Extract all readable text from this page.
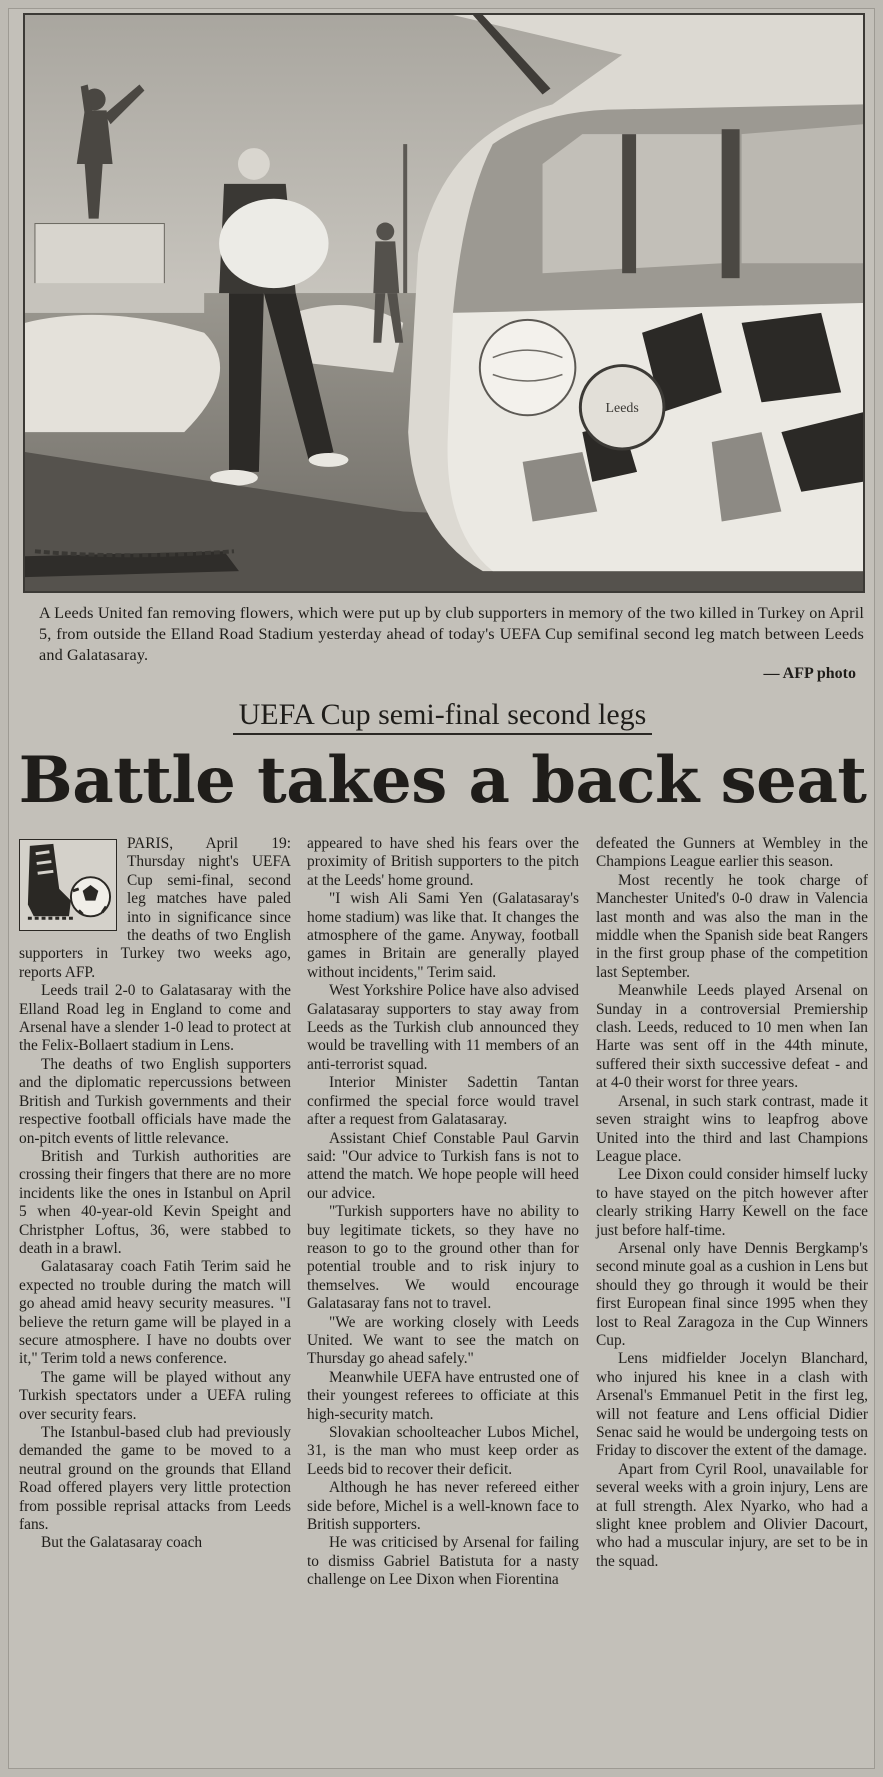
Leeds
A Leeds United fan removing flowers, which were put up by club supporters in memory of the two killed in Turkey on April 5, from outside the Elland Road Stadium yesterday ahead of today's UEFA Cup semifinal second leg match between Leeds and Galatasaray.
— AFP photo
UEFA Cup semi-final second legs
Battle takes a back seat

PARIS, April 19: Thursday night's UEFA Cup semi-final, second leg matches have paled into in significance since the deaths of two English supporters in Turkey two weeks ago, reports AFP.

Leeds trail 2-0 to Galatasaray with the Elland Road leg in England to come and Arsenal have a slender 1-0 lead to protect at the Felix-Bollaert stadium in Lens.

The deaths of two English supporters and the diplomatic repercussions between British and Turkish governments and their respective football officials have made the on-pitch events of little relevance.

British and Turkish authorities are crossing their fingers that there are no more incidents like the ones in Istanbul on April 5 when 40-year-old Kevin Speight and Christpher Loftus, 36, were stabbed to death in a brawl.

Galatasaray coach Fatih Terim said he expected no trouble during the match will go ahead amid heavy security measures. "I believe the return game will be played in a secure atmosphere. I have no doubts over it," Terim told a news conference.

The game will be played without any Turkish spectators under a UEFA ruling over security fears.

The Istanbul-based club had previously demanded the game to be moved to a neutral ground on the grounds that Elland Road offered players very little protection from possible reprisal attacks from Leeds fans.

But the Galatasaray coach

appeared to have shed his fears over the proximity of British supporters to the pitch at the Leeds' home ground.

"I wish Ali Sami Yen (Galatasaray's home stadium) was like that. It changes the atmosphere of the game. Anyway, football games in Britain are generally played without incidents," Terim said.

West Yorkshire Police have also advised Galatasaray supporters to stay away from Leeds as the Turkish club announced they would be travelling with 11 members of an anti-terrorist squad.

Interior Minister Sadettin Tantan confirmed the special force would travel after a request from Galatasaray.

Assistant Chief Constable Paul Garvin said: "Our advice to Turkish fans is not to attend the match. We hope people will heed our advice.

"Turkish supporters have no ability to buy legitimate tickets, so they have no reason to go to the ground other than for potential trouble and to risk injury to themselves. We would encourage Galatasaray fans not to travel.

"We are working closely with Leeds United. We want to see the match on Thursday go ahead safely."

Meanwhile UEFA have entrusted one of their youngest referees to officiate at this high-security match.

Slovakian schoolteacher Lubos Michel, 31, is the man who must keep order as Leeds bid to recover their deficit.

Although he has never refereed either side before, Michel is a well-known face to British supporters.

He was criticised by Arsenal for failing to dismiss Gabriel Batistuta for a nasty challenge on Lee Dixon when Fiorentina

defeated the Gunners at Wembley in the Champions League earlier this season.

Most recently he took charge of Manchester United's 0-0 draw in Valencia last month and was also the man in the middle when the Spanish side beat Rangers in the first group phase of the competition last September.

Meanwhile Leeds played Arsenal on Sunday in a controversial Premiership clash. Leeds, reduced to 10 men when Ian Harte was sent off in the 44th minute, suffered their sixth successive defeat - and at 4-0 their worst for three years.

Arsenal, in such stark contrast, made it seven straight wins to leapfrog above United into the third and last Champions League place.

Lee Dixon could consider himself lucky to have stayed on the pitch however after clearly striking Harry Kewell on the face just before half-time.

Arsenal only have Dennis Bergkamp's second minute goal as a cushion in Lens but should they go through it would be their first European final since 1995 when they lost to Real Zaragoza in the Cup Winners Cup.

Lens midfielder Jocelyn Blanchard, who injured his knee in a clash with Arsenal's Emmanuel Petit in the first leg, will not feature and Lens official Didier Senac said he would be undergoing tests on Friday to discover the extent of the damage.

Apart from Cyril Rool, unavailable for several weeks with a groin injury, Lens are at full strength. Alex Nyarko, who had a slight knee problem and Olivier Dacourt, who had a muscular injury, are set to be in the squad.
